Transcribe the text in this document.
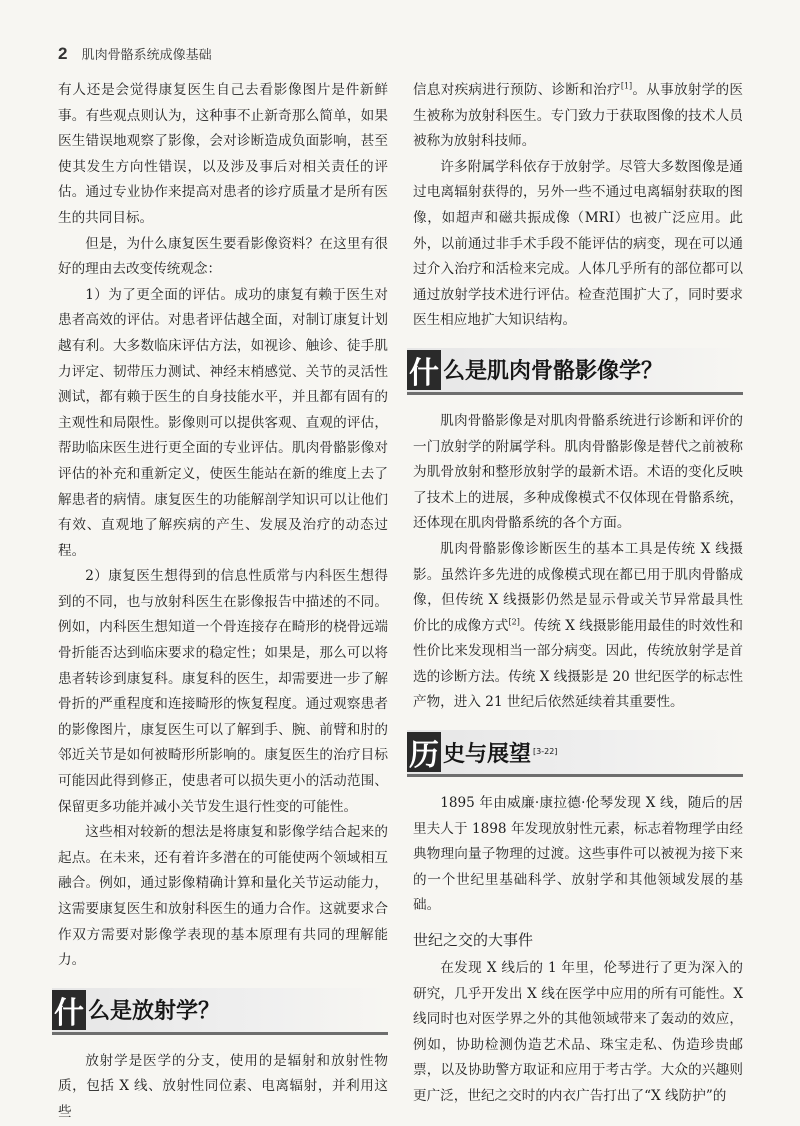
2 肌肉骨骼系统成像基础

有人还是会觉得康复医生自己去看影像图片是件新鲜事。有些观点则认为，这种事不止新奇那么简单，如果医生错误地观察了影像，会对诊断造成负面影响，甚至使其发生方向性错误，以及涉及事后对相关责任的评估。通过专业协作来提高对患者的诊疗质量才是所有医生的共同目标。

但是，为什么康复医生要看影像资料？在这里有很好的理由去改变传统观念：

1）为了更全面的评估。成功的康复有赖于医生对患者高效的评估。对患者评估越全面，对制订康复计划越有利。大多数临床评估方法，如视诊、触诊、徒手肌力评定、韧带压力测试、神经末梢感觉、关节的灵活性测试，都有赖于医生的自身技能水平，并且都有固有的主观性和局限性。影像则可以提供客观、直观的评估，帮助临床医生进行更全面的专业评估。肌肉骨骼影像对评估的补充和重新定义，使医生能站在新的维度上去了解患者的病情。康复医生的功能解剖学知识可以让他们有效、直观地了解疾病的产生、发展及治疗的动态过程。

2）康复医生想得到的信息性质常与内科医生想得到的不同，也与放射科医生在影像报告中描述的不同。例如，内科医生想知道一个骨连接存在畸形的桡骨远端骨折能否达到临床要求的稳定性；如果是，那么可以将患者转诊到康复科。康复科的医生，却需要进一步了解骨折的严重程度和连接畸形的恢复程度。通过观察患者的影像图片，康复医生可以了解到手、腕、前臂和肘的邻近关节是如何被畸形所影响的。康复医生的治疗目标可能因此得到修正，使患者可以损失更小的活动范围、保留更多功能并减小关节发生退行性变的可能性。

这些相对较新的想法是将康复和影像学结合起来的起点。在未来，还有着许多潜在的可能使两个领域相互融合。例如，通过影像精确计算和量化关节运动能力，这需要康复医生和放射科医生的通力合作。这就要求合作双方需要对影像学表现的基本原理有共同的理解能力。

什 么是放射学？

放射学是医学的分支，使用的是辐射和放射性物质，包括 X 线、放射性同位素、电离辐射，并利用这些

信息对疾病进行预防、诊断和治疗[1]。从事放射学的医生被称为放射科医生。专门致力于获取图像的技术人员被称为放射科技师。

许多附属学科依存于放射学。尽管大多数图像是通过电离辐射获得的，另外一些不通过电离辐射获取的图像，如超声和磁共振成像（MRI）也被广泛应用。此外，以前通过非手术手段不能评估的病变，现在可以通过介入治疗和活检来完成。人体几乎所有的部位都可以通过放射学技术进行评估。检查范围扩大了，同时要求医生相应地扩大知识结构。

什 么是肌肉骨骼影像学？

肌肉骨骼影像是对肌肉骨骼系统进行诊断和评价的一门放射学的附属学科。肌肉骨骼影像是替代之前被称为肌骨放射和整形放射学的最新术语。术语的变化反映了技术上的进展，多种成像模式不仅体现在骨骼系统，还体现在肌肉骨骼系统的各个方面。

肌肉骨骼影像诊断医生的基本工具是传统 X 线摄影。虽然许多先进的成像模式现在都已用于肌肉骨骼成像，但传统 X 线摄影仍然是显示骨或关节异常最具性价比的成像方式[2]。传统 X 线摄影能用最佳的时效性和性价比来发现相当一部分病变。因此，传统放射学是首选的诊断方法。传统 X 线摄影是 20 世纪医学的标志性产物，进入 21 世纪后依然延续着其重要性。

历 史与展望 [3-22]

1895 年由威廉·康拉德·伦琴发现 X 线，随后的居里夫人于 1898 年发现放射性元素，标志着物理学由经典物理向量子物理的过渡。这些事件可以被视为接下来的一个世纪里基础科学、放射学和其他领域发展的基础。

世纪之交的大事件

在发现 X 线后的 1 年里，伦琴进行了更为深入的研究，几乎开发出 X 线在医学中应用的所有可能性。X 线同时也对医学界之外的其他领域带来了轰动的效应，例如，协助检测伪造艺术品、珠宝走私、伪造珍贵邮票，以及协助警方取证和应用于考古学。大众的兴趣则更广泛，世纪之交时的内衣广告打出了“X 线防护”的
